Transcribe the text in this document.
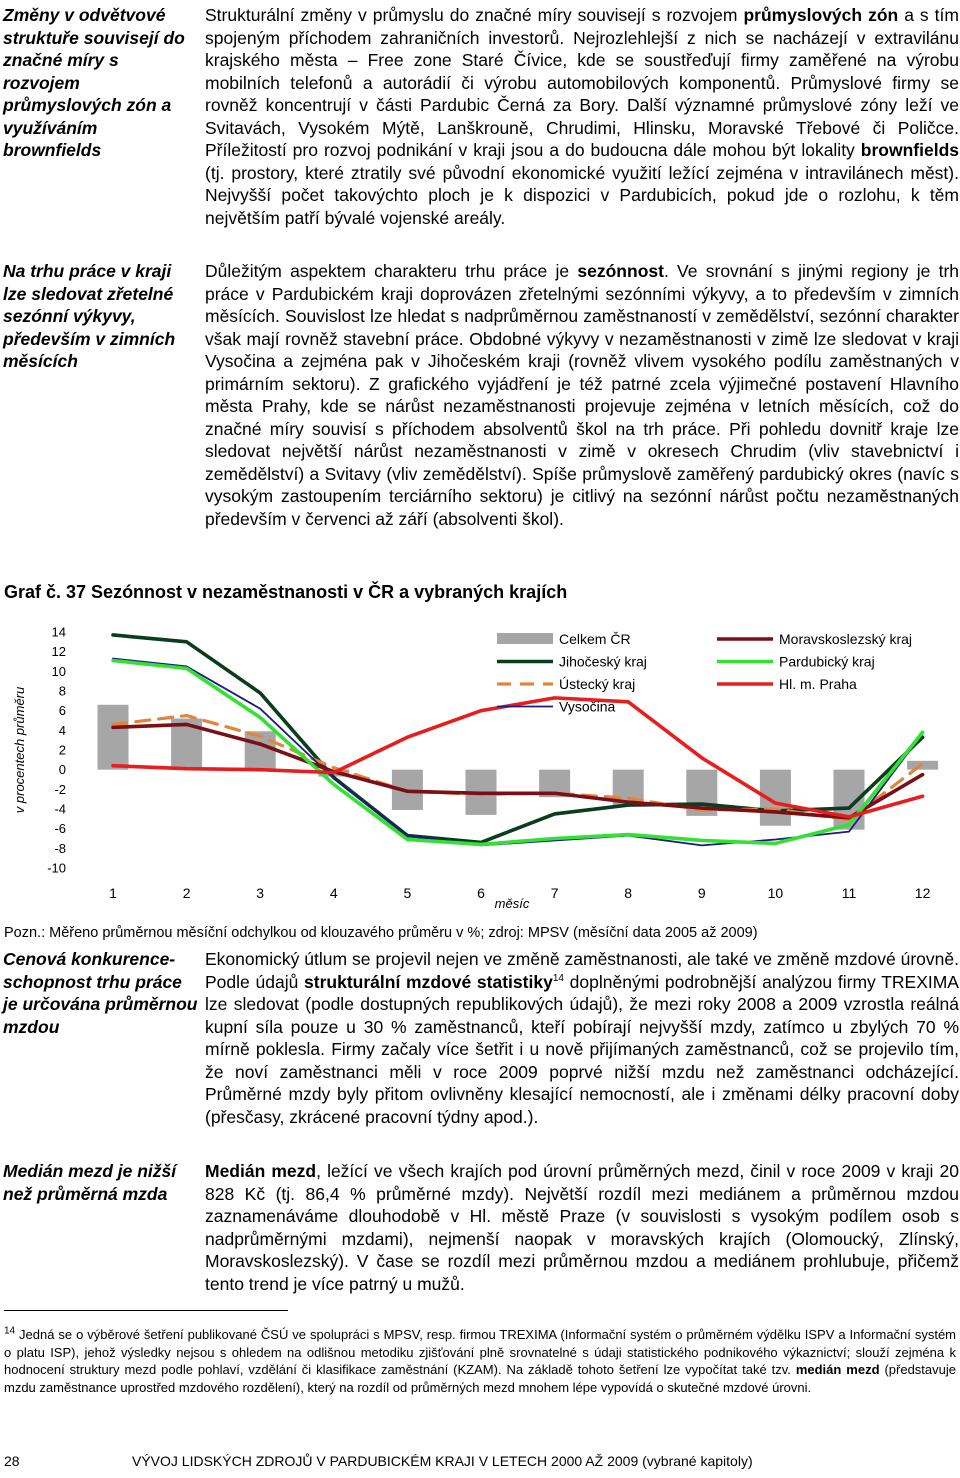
Změny v odvětvové struktuře souvisejí do značné míry s rozvojem průmyslových zón a využíváním brownfields
Na trhu práce v kraji lze sledovat zřetelné sezónní výkyvy, především v zimních měsících
Cenová konkurence-schopnost trhu práce je určována průměrnou mzdou
Medián mezd je nižší než průměrná mzda
Strukturální změny v průmyslu do značné míry souvisejí s rozvojem průmyslových zón a s tím spojeným příchodem zahraničních investorů. Nejrozlehlejší z nich se nacházejí v extravilánu krajského města – Free zone Staré Čívice, kde se soustřeďují firmy zaměřené na výrobu mobilních telefonů a autorádií či výrobu automobilových komponentů. Průmyslové firmy se rovněž koncentrují v části Pardubic Černá za Bory. Další významné průmyslové zóny leží ve Svitavách, Vysokém Mýtě, Lanškrouně, Chrudimi, Hlinsku, Moravské Třebové či Poličce. Příležitostí pro rozvoj podnikání v kraji jsou a do budoucna dále mohou být lokality brownfields (tj. prostory, které ztratily své původní ekonomické využití ležící zejména v intravilánech měst). Nejvyšší počet takovýchto ploch je k dispozici v Pardubicích, pokud jde o rozlohu, k těm největším patří bývalé vojenské areály.
Důležitým aspektem charakteru trhu práce je sezónnost. Ve srovnání s jinými regiony je trh práce v Pardubickém kraji doprovázen zřetelnými sezónními výkyvy, a to především v zimních měsících. Souvislost lze hledat s nadprůměrnou zaměstnaností v zemědělství, sezónní charakter však mají rovněž stavební práce. Obdobné výkyvy v nezaměstnanosti v zimě lze sledovat v kraji Vysočina a zejména pak v Jihočeském kraji (rovněž vlivem vysokého podílu zaměstnaných v primárním sektoru). Z grafického vyjádření je též patrné zcela výjimečné postavení Hlavního města Prahy, kde se nárůst nezaměstnanosti projevuje zejména v letních měsících, což do značné míry souvisí s příchodem absolventů škol na trh práce. Při pohledu dovnitř kraje lze sledovat největší nárůst nezaměstnanosti v zimě v okresech Chrudim (vliv stavebnictví i zemědělství) a Svitavy (vliv zemědělství). Spíše průmyslově zaměřený pardubický okres (navíc s vysokým zastoupením terciárního sektoru) je citlivý na sezónní nárůst počtu nezaměstnaných především v červenci až září (absolventi škol).
Graf č. 37 Sezónnost v nezaměstnanosti v ČR a vybraných krajích
14
12
10
8
6
4
2
0
-2
-4
-6
-8
-10
v procentech průměru
1	2	3	4	5	6	7	8	9	10	11	12
měsíc
Celkem ČR
Jihočeský kraj
Ústecký kraj
Vysočina
Moravskoslezský kraj
Pardubický kraj
Hl. m. Praha
Pozn.: Měřeno průměrnou měsíční odchylkou od klouzavého průměru v %; zdroj: MPSV (měsíční data 2005 až 2009)
Ekonomický útlum se projevil nejen ve změně zaměstnanosti, ale také ve změně mzdové úrovně. Podle údajů strukturální mzdové statistiky$^{14}$ doplněnými podrobnější analýzou firmy TREXIMA lze sledovat (podle dostupných republikových údajů), že mezi roky 2008 a 2009 vzrostla reálná kupní síla pouze u 30 % zaměstnanců, kteří pobírají nejvyšší mzdy, zatímco u zbylých 70 % mírně poklesla. Firmy začaly více šetřit i u nově přijímaných zaměstnanců, což se projevilo tím, že noví zaměstnanci měli v roce 2009 poprvé nižší mzdu než zaměstnanci odcházející. Průměrné mzdy byly přitom ovlivněny klesající nemocností, ale i změnami délky pracovní doby (přesčasy, zkrácené pracovní týdny apod.).
Medián mezd, ležící ve všech krajích pod úrovní průměrných mezd, činil v roce 2009 v kraji 20 828 Kč (tj. 86,4 % průměrné mzdy). Největší rozdíl mezi mediánem a průměrnou mzdou zaznamenáváme dlouhodobě v Hl. městě Praze (v souvislosti s vysokým podílem osob s nadprůměrnými mzdami), nejmenší naopak v moravských krajích (Olomoucký, Zlínský, Moravskoslezský). V čase se rozdíl mezi průměrnou mzdou a mediánem prohlubuje, přičemž tento trend je více patrný u mužů.
$^{14}$ Jedná se o výběrové šetření publikované ČSÚ ve spolupráci s MPSV, resp. firmou TREXIMA (Informační systém o průměrném výdělku ISPV a Informační systém o platu ISP), jehož výsledky nejsou s ohledem na odlišnou metodiku zjišťování plně srovnatelné s údaji statistického podnikového výkaznictví; slouží zejména k hodnocení struktury mezd podle pohlaví, vzdělání či klasifikace zaměstnání (KZAM). Na základě tohoto šetření lze vypočítat také tzv. medián mezd (představuje mzdu zaměstnance uprostřed mzdového rozdělení), který na rozdíl od průměrných mezd mnohem lépe vypovídá o skutečné mzdové úrovni.
28	VÝVOJ LIDSKÝCH ZDROJŮ V PARDUBICKÉM KRAJI V LETECH 2000 AŽ 2009 (vybrané kapitoly)
